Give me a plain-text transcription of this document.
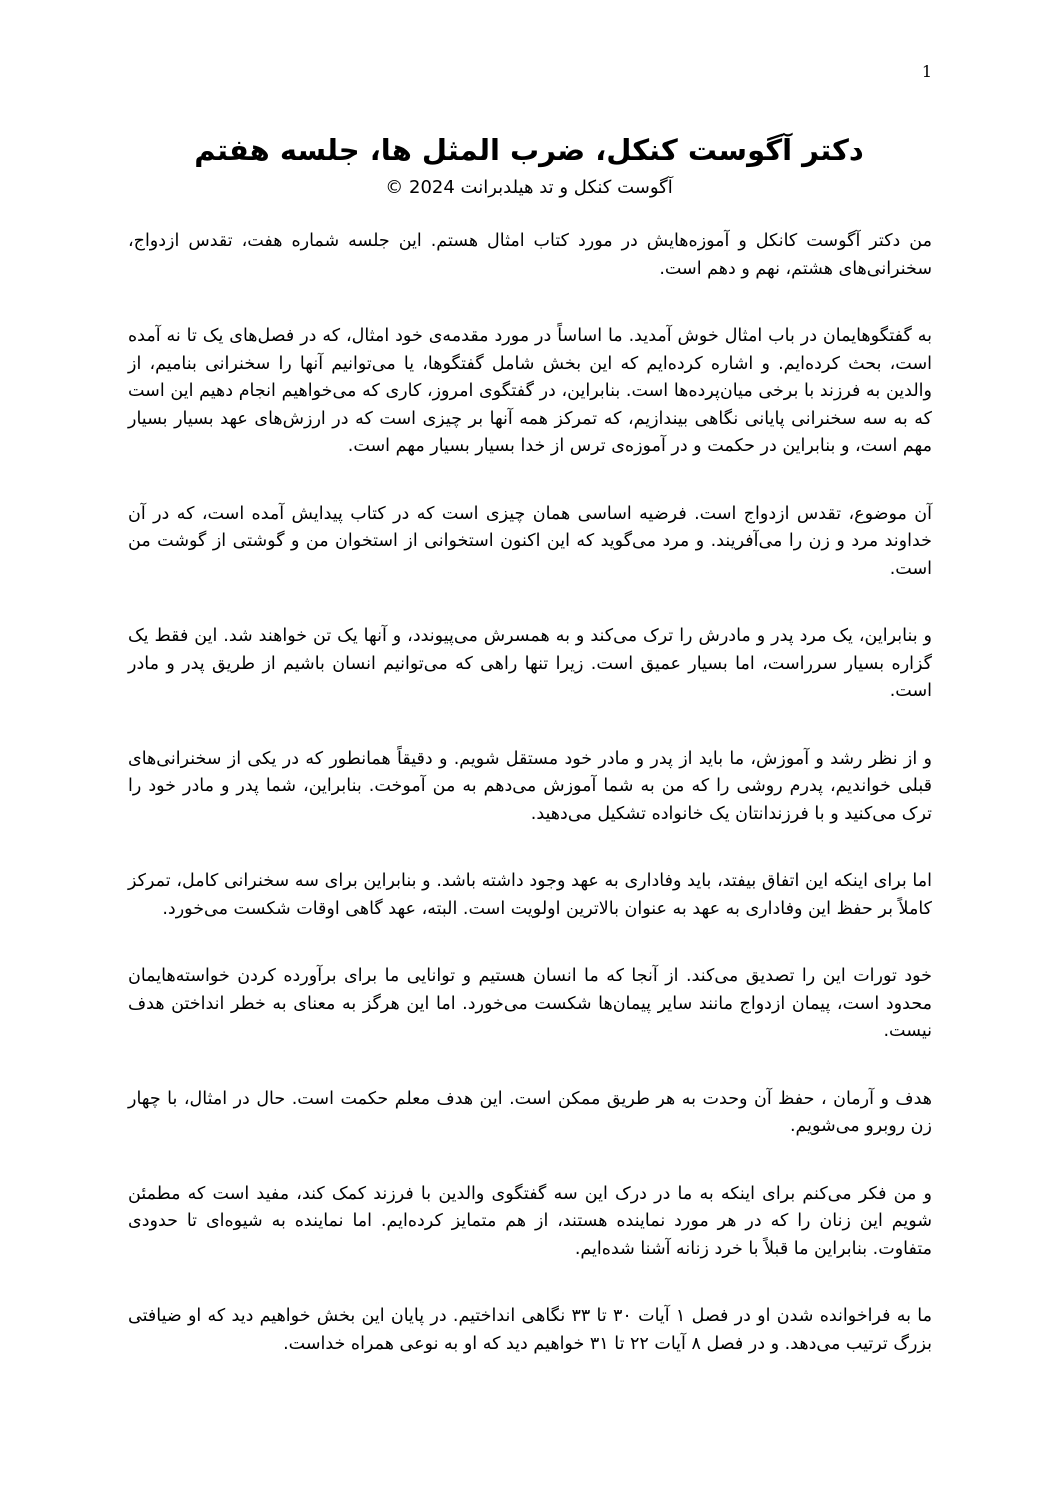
1
دکتر آگوست کنکل، ضرب المثل ها، جلسه هفتم
آگوست کنکل و تد هیلدبرانت 2024 ©

من دکتر آگوست کانکل و آموزه‌هایش در مورد کتاب امثال هستم. این جلسه شماره هفت، تقدس ازدواج، سخنرانی‌های هشتم، نهم و دهم است.

به گفتگوهایمان در باب امثال خوش آمدید. ما اساساً در مورد مقدمه‌ی خود امثال، که در فصل‌های یک تا نه آمده است، بحث کرده‌ایم. و اشاره کرده‌ایم که این بخش شامل گفتگوها، یا می‌توانیم آنها را سخنرانی بنامیم، از والدین به فرزند با برخی میان‌پرده‌ها است. بنابراین، در گفتگوی امروز، کاری که می‌خواهیم انجام دهیم این است که به سه سخنرانی پایانی نگاهی بیندازیم، که تمرکز همه آنها بر چیزی است که در ارزش‌های عهد بسیار بسیار مهم است، و بنابراین در حکمت و در آموزه‌ی ترس از خدا بسیار بسیار مهم است.

آن موضوع، تقدس ازدواج است. فرضیه اساسی همان چیزی است که در کتاب پیدایش آمده است، که در آن خداوند مرد و زن را می‌آفریند. و مرد می‌گوید که این اکنون استخوانی از استخوان من و گوشتی از گوشت من است.

و بنابراین، یک مرد پدر و مادرش را ترک می‌کند و به همسرش می‌پیوندد، و آنها یک تن خواهند شد. این فقط یک گزاره بسیار سرراست، اما بسیار عمیق است. زیرا تنها راهی که می‌توانیم انسان باشیم از طریق پدر و مادر است.

و از نظر رشد و آموزش، ما باید از پدر و مادر خود مستقل شویم. و دقیقاً همانطور که در یکی از سخنرانی‌های قبلی خواندیم، پدرم روشی را که من به شما آموزش می‌دهم به من آموخت. بنابراین، شما پدر و مادر خود را ترک می‌کنید و با فرزندانتان یک خانواده تشکیل می‌دهید.

اما برای اینکه این اتفاق بیفتد، باید وفاداری به عهد وجود داشته باشد. و بنابراین برای سه سخنرانی کامل، تمرکز کاملاً بر حفظ این وفاداری به عهد به عنوان بالاترین اولویت است. البته، عهد گاهی اوقات شکست می‌خورد.

خود تورات این را تصدیق می‌کند. از آنجا که ما انسان هستیم و توانایی ما برای برآورده کردن خواسته‌هایمان محدود است، پیمان ازدواج مانند سایر پیمان‌ها شکست می‌خورد. اما این هرگز به معنای به خطر انداختن هدف نیست.

هدف و آرمان ، حفظ آن وحدت به هر طریق ممکن است. این هدف معلم حکمت است. حال در امثال، با چهار زن روبرو می‌شویم.

و من فکر می‌کنم برای اینکه به ما در درک این سه گفتگوی والدین با فرزند کمک کند، مفید است که مطمئن شویم این زنان را که در هر مورد نماینده هستند، از هم متمایز کرده‌ایم. اما نماینده به شیوه‌ای تا حدودی متفاوت. بنابراین ما قبلاً با خرد زنانه آشنا شده‌ایم.

ما به فراخوانده شدن او در فصل ۱ آیات ۳۰ تا ۳۳ نگاهی انداختیم. در پایان این بخش خواهیم دید که او ضیافتی بزرگ ترتیب می‌دهد. و در فصل ۸ آیات ۲۲ تا ۳۱ خواهیم دید که او به نوعی همراه خداست.
